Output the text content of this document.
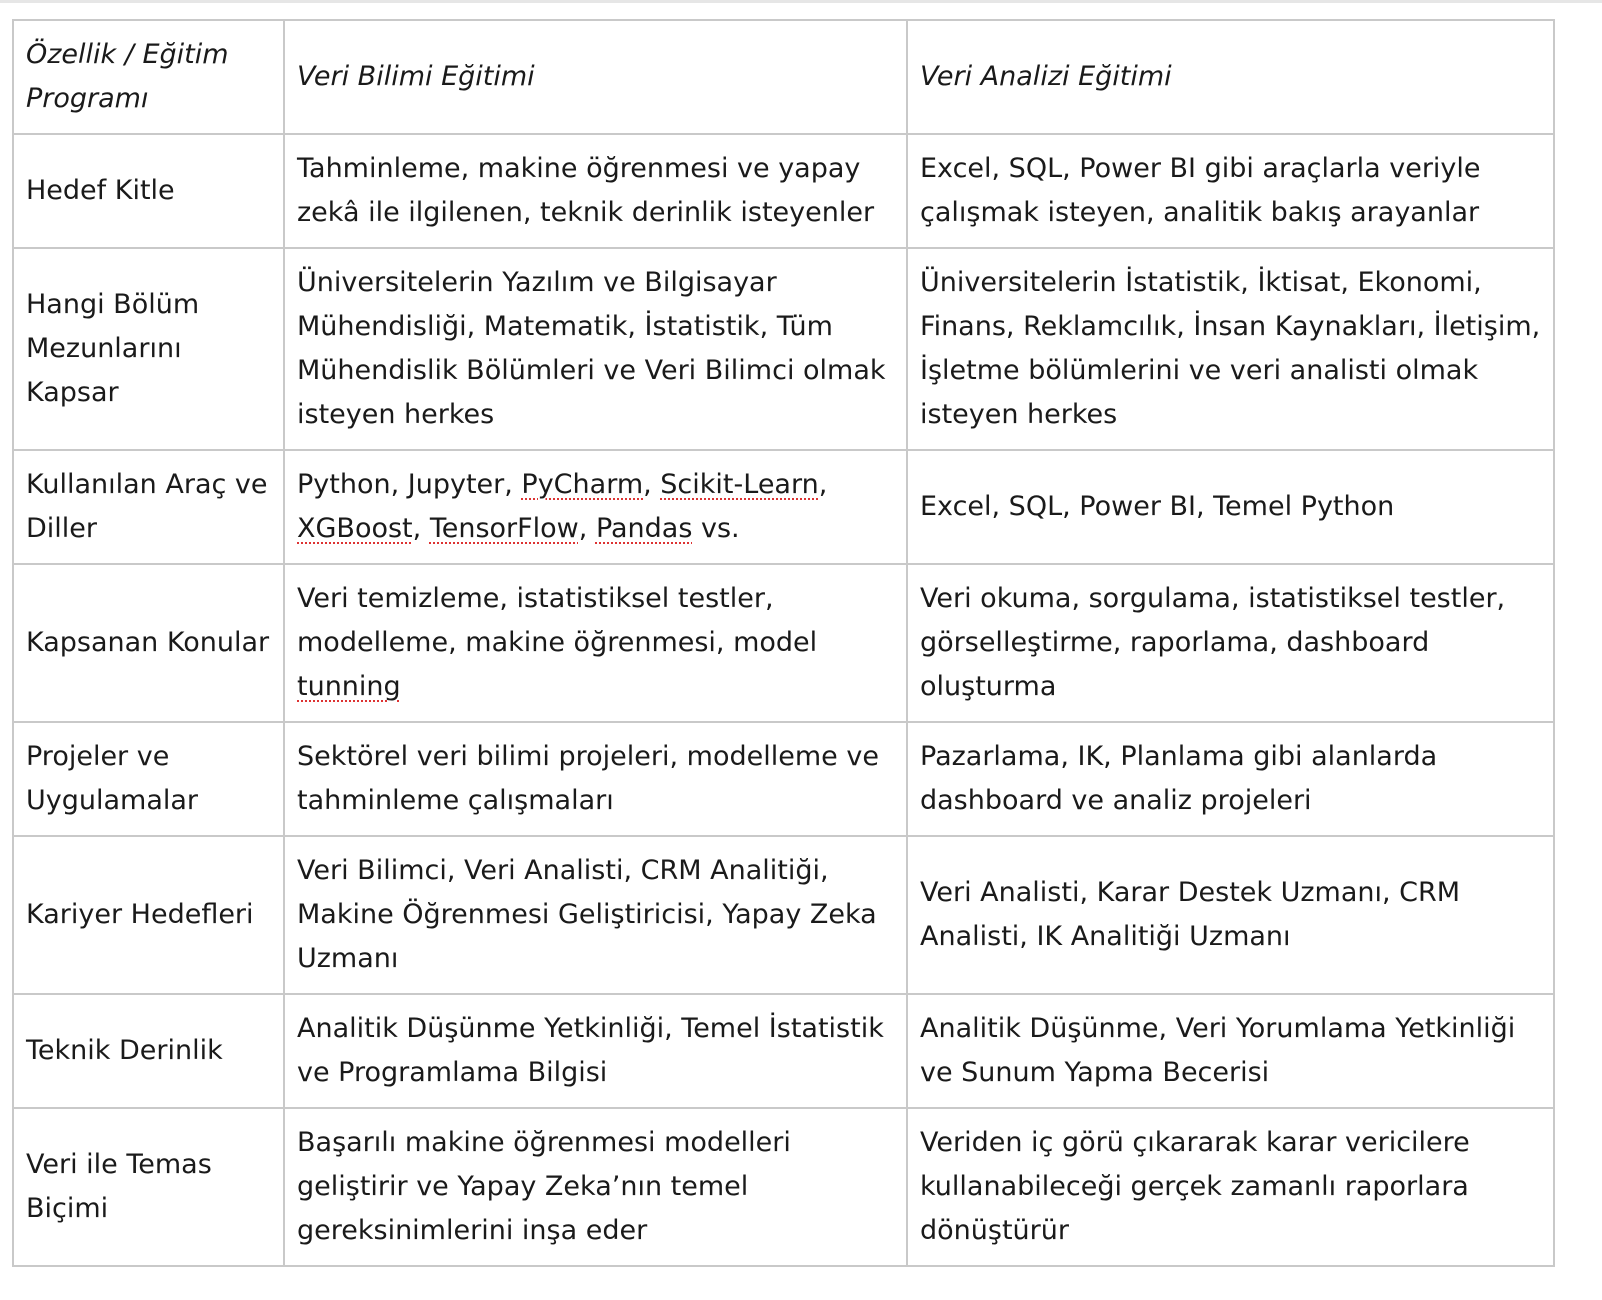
Özellik / Eğitim Programı	Veri Bilimi Eğitimi	Veri Analizi Eğitimi
Hedef Kitle	Tahminleme, makine öğrenmesi ve yapay zekâ ile ilgilenen, teknik derinlik isteyenler	Excel, SQL, Power BI gibi araçlarla veriyle çalışmak isteyen, analitik bakış arayanlar
Hangi Bölüm Mezunlarını Kapsar	Üniversitelerin Yazılım ve Bilgisayar Mühendisliği, Matematik, İstatistik, Tüm Mühendislik Bölümleri ve Veri Bilimci olmak isteyen herkes	Üniversitelerin İstatistik, İktisat, Ekonomi, Finans, Reklamcılık, İnsan Kaynakları, İletişim, İşletme bölümlerini ve veri analisti olmak isteyen herkes
Kullanılan Araç ve Diller	Python, Jupyter, PyCharm, Scikit-Learn, XGBoost, TensorFlow, Pandas vs.	Excel, SQL, Power BI, Temel Python
Kapsanan Konular	Veri temizleme, istatistiksel testler, modelleme, makine öğrenmesi, model tunning	Veri okuma, sorgulama, istatistiksel testler, görselleştirme, raporlama, dashboard oluşturma
Projeler ve Uygulamalar	Sektörel veri bilimi projeleri, modelleme ve tahminleme çalışmaları	Pazarlama, IK, Planlama gibi alanlarda dashboard ve analiz projeleri
Kariyer Hedefleri	Veri Bilimci, Veri Analisti, CRM Analitiği, Makine Öğrenmesi Geliştiricisi, Yapay Zeka Uzmanı	Veri Analisti, Karar Destek Uzmanı, CRM Analisti, IK Analitiği Uzmanı
Teknik Derinlik	Analitik Düşünme Yetkinliği, Temel İstatistik ve Programlama Bilgisi	Analitik Düşünme, Veri Yorumlama Yetkinliği ve Sunum Yapma Becerisi
Veri ile Temas Biçimi	Başarılı makine öğrenmesi modelleri geliştirir ve Yapay Zeka’nın temel gereksinimlerini inşa eder	Veriden iç görü çıkararak karar vericilere kullanabileceği gerçek zamanlı raporlara dönüştürür
